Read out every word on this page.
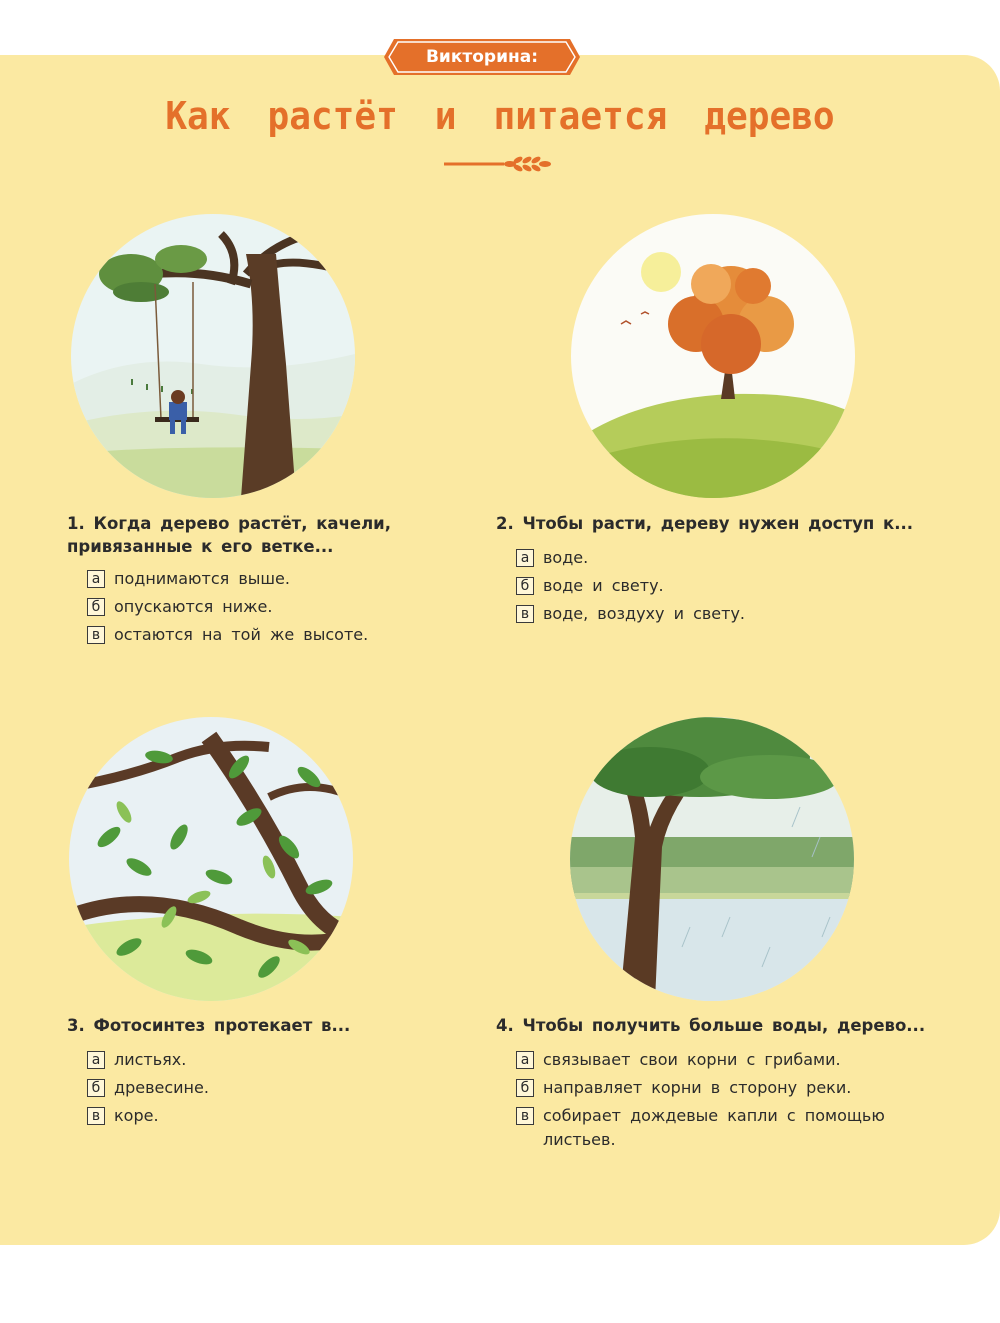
Викторина:
Как растёт и питается дерево
1. Когда дерево растёт, качели, привязанные к его ветке...
а поднимаются выше.
б опускаются ниже.
в остаются на той же высоте.
2. Чтобы расти, дереву нужен доступ к...
а воде.
б воде и свету.
в воде, воздуху и свету.
3. Фотосинтез протекает в...
а листьях.
б древесине.
в коре.
4. Чтобы получить больше воды, дерево...
а связывает свои корни с грибами.
б направляет корни в сторону реки.
в собирает дождевые капли с помощью листьев.
